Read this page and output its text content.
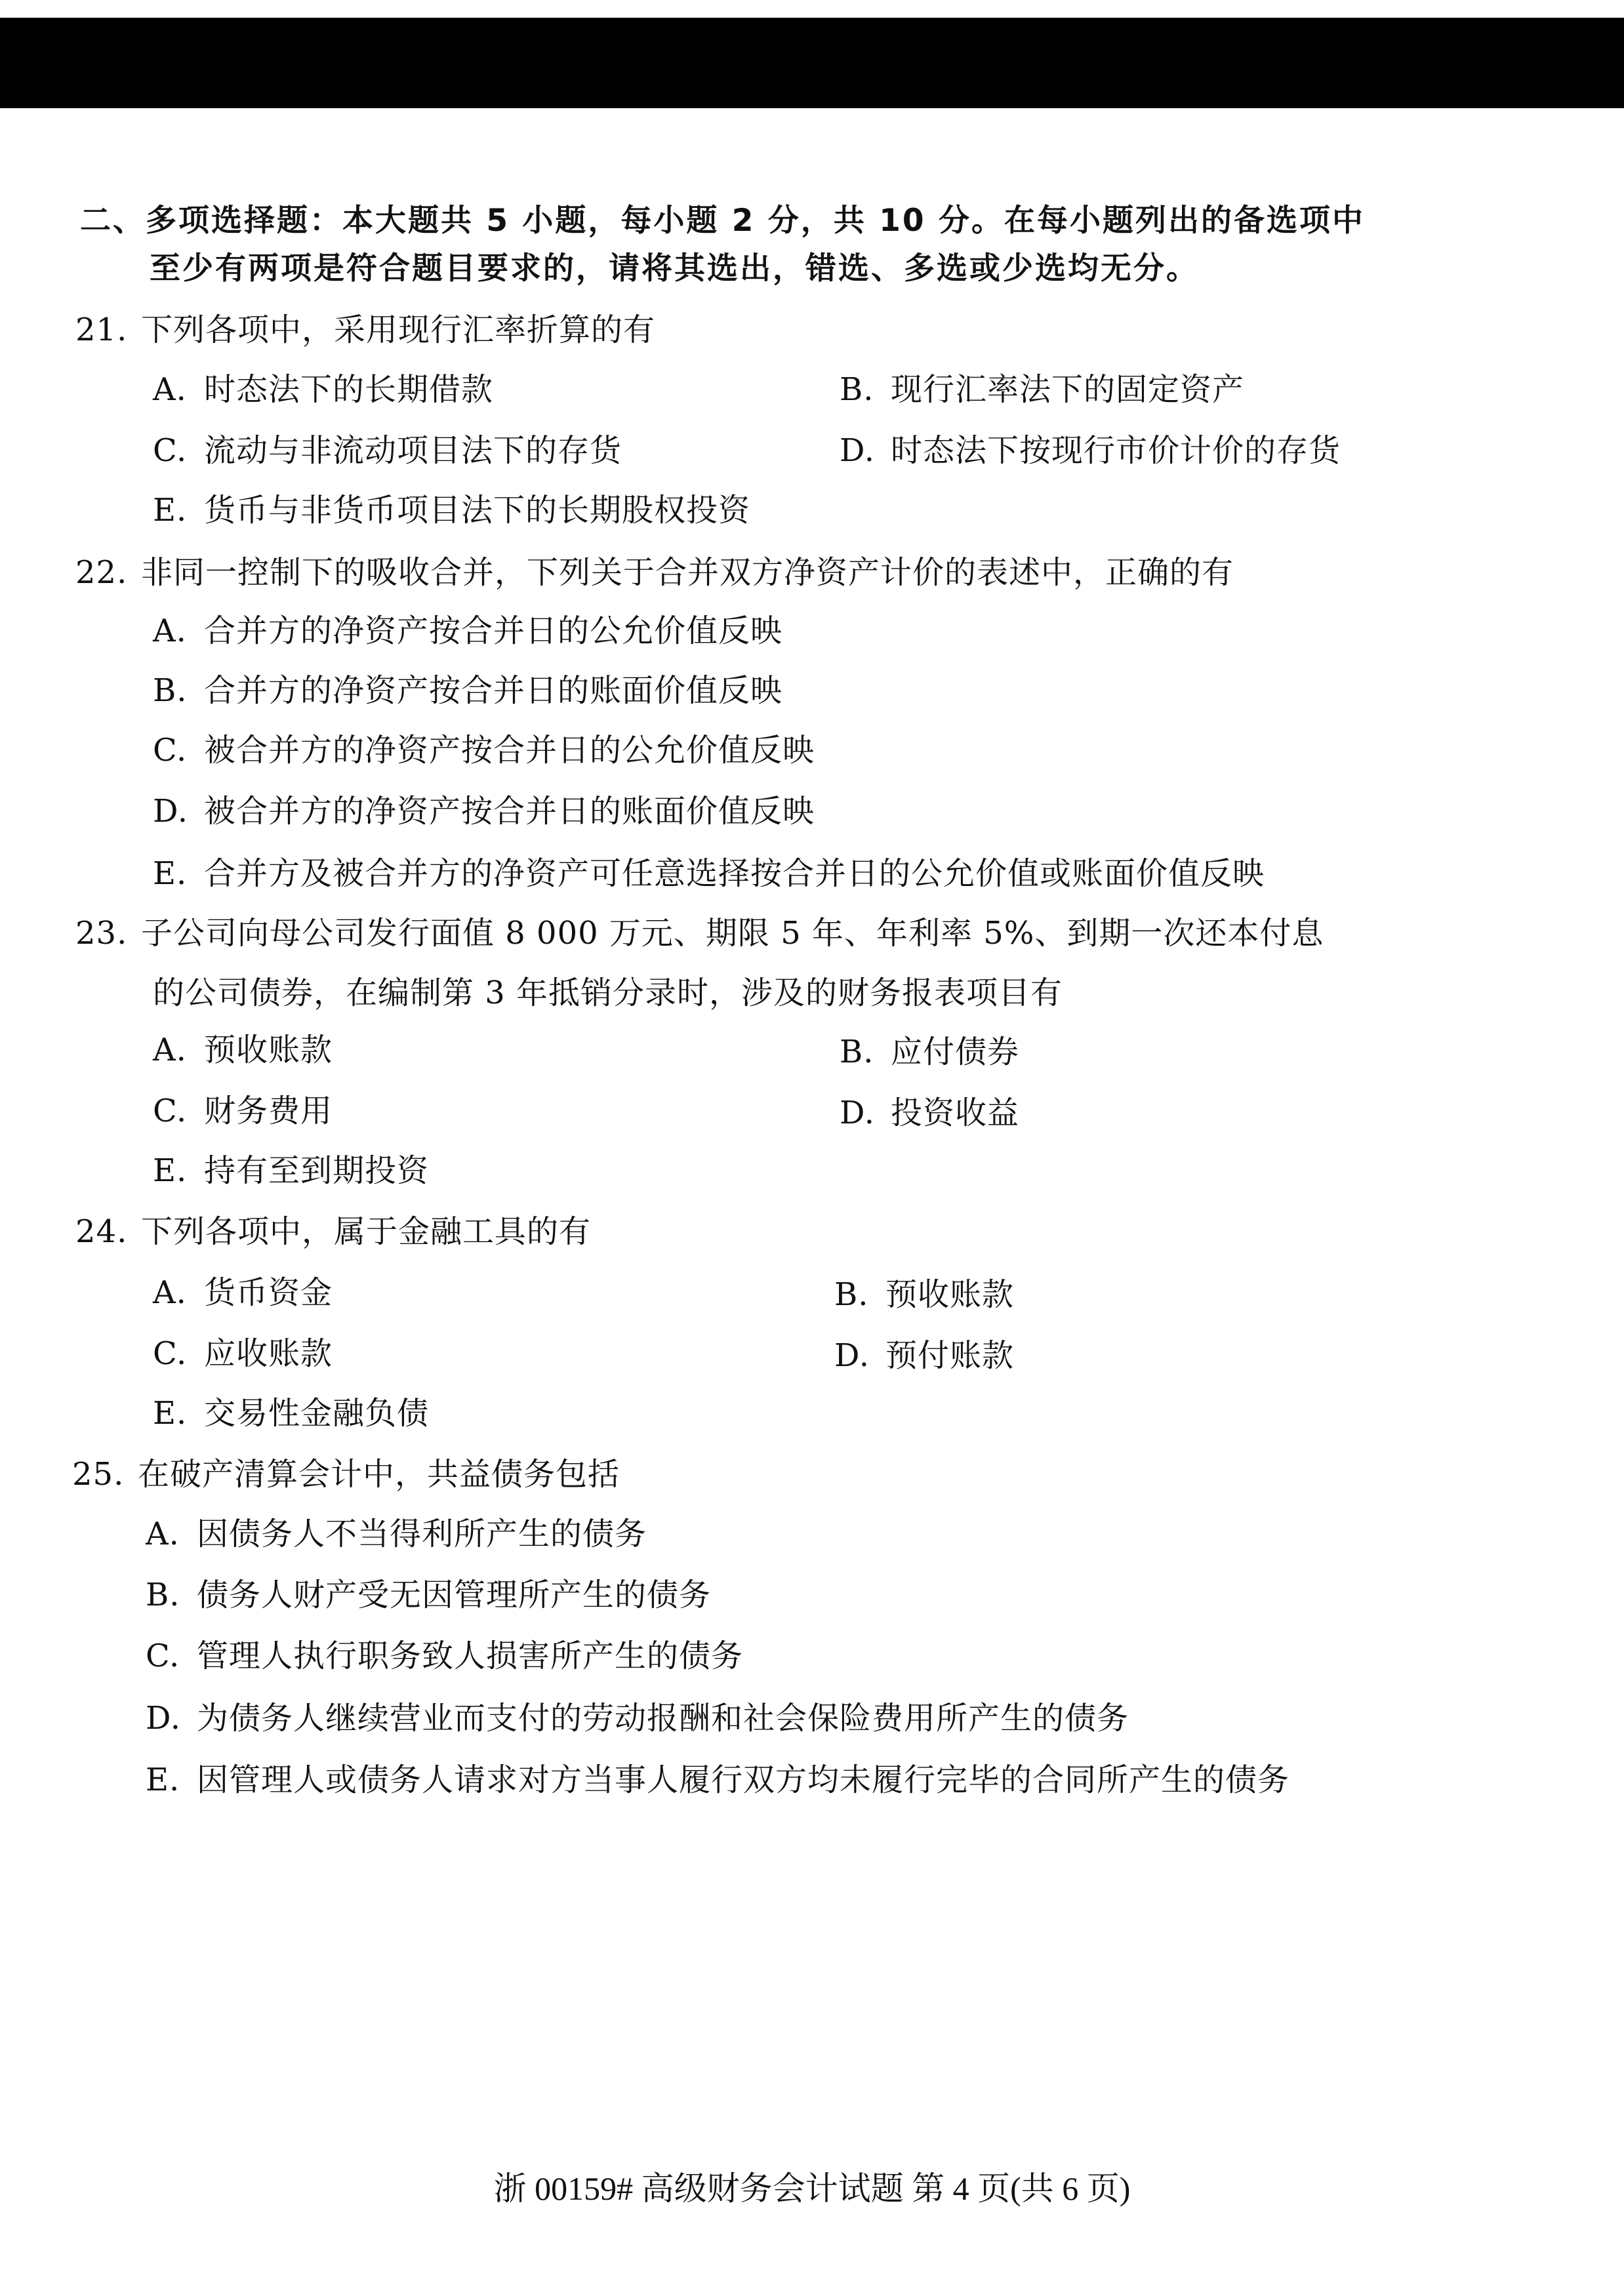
二、多项选择题：本大题共 5 小题，每小题 2 分，共 10 分。在每小题列出的备选项中
至少有两项是符合题目要求的，请将其选出，错选、多选或少选均无分。
21. 下列各项中，采用现行汇率折算的有
A. 时态法下的长期借款	B. 现行汇率法下的固定资产
C. 流动与非流动项目法下的存货	D. 时态法下按现行市价计价的存货
E. 货币与非货币项目法下的长期股权投资
22. 非同一控制下的吸收合并，下列关于合并双方净资产计价的表述中，正确的有
A. 合并方的净资产按合并日的公允价值反映
B. 合并方的净资产按合并日的账面价值反映
C. 被合并方的净资产按合并日的公允价值反映
D. 被合并方的净资产按合并日的账面价值反映
E. 合并方及被合并方的净资产可任意选择按合并日的公允价值或账面价值反映
23. 子公司向母公司发行面值 8 000 万元、期限 5 年、年利率 5%、到期一次还本付息
的公司债券，在编制第 3 年抵销分录时，涉及的财务报表项目有
A. 预收账款	B. 应付债券
C. 财务费用	D. 投资收益
E. 持有至到期投资
24. 下列各项中，属于金融工具的有
A. 货币资金	B. 预收账款
C. 应收账款	D. 预付账款
E. 交易性金融负债
25. 在破产清算会计中，共益债务包括
A. 因债务人不当得利所产生的债务
B. 债务人财产受无因管理所产生的债务
C. 管理人执行职务致人损害所产生的债务
D. 为债务人继续营业而支付的劳动报酬和社会保险费用所产生的债务
E. 因管理人或债务人请求对方当事人履行双方均未履行完毕的合同所产生的债务
浙 00159# 高级财务会计试题 第 4 页(共 6 页)
